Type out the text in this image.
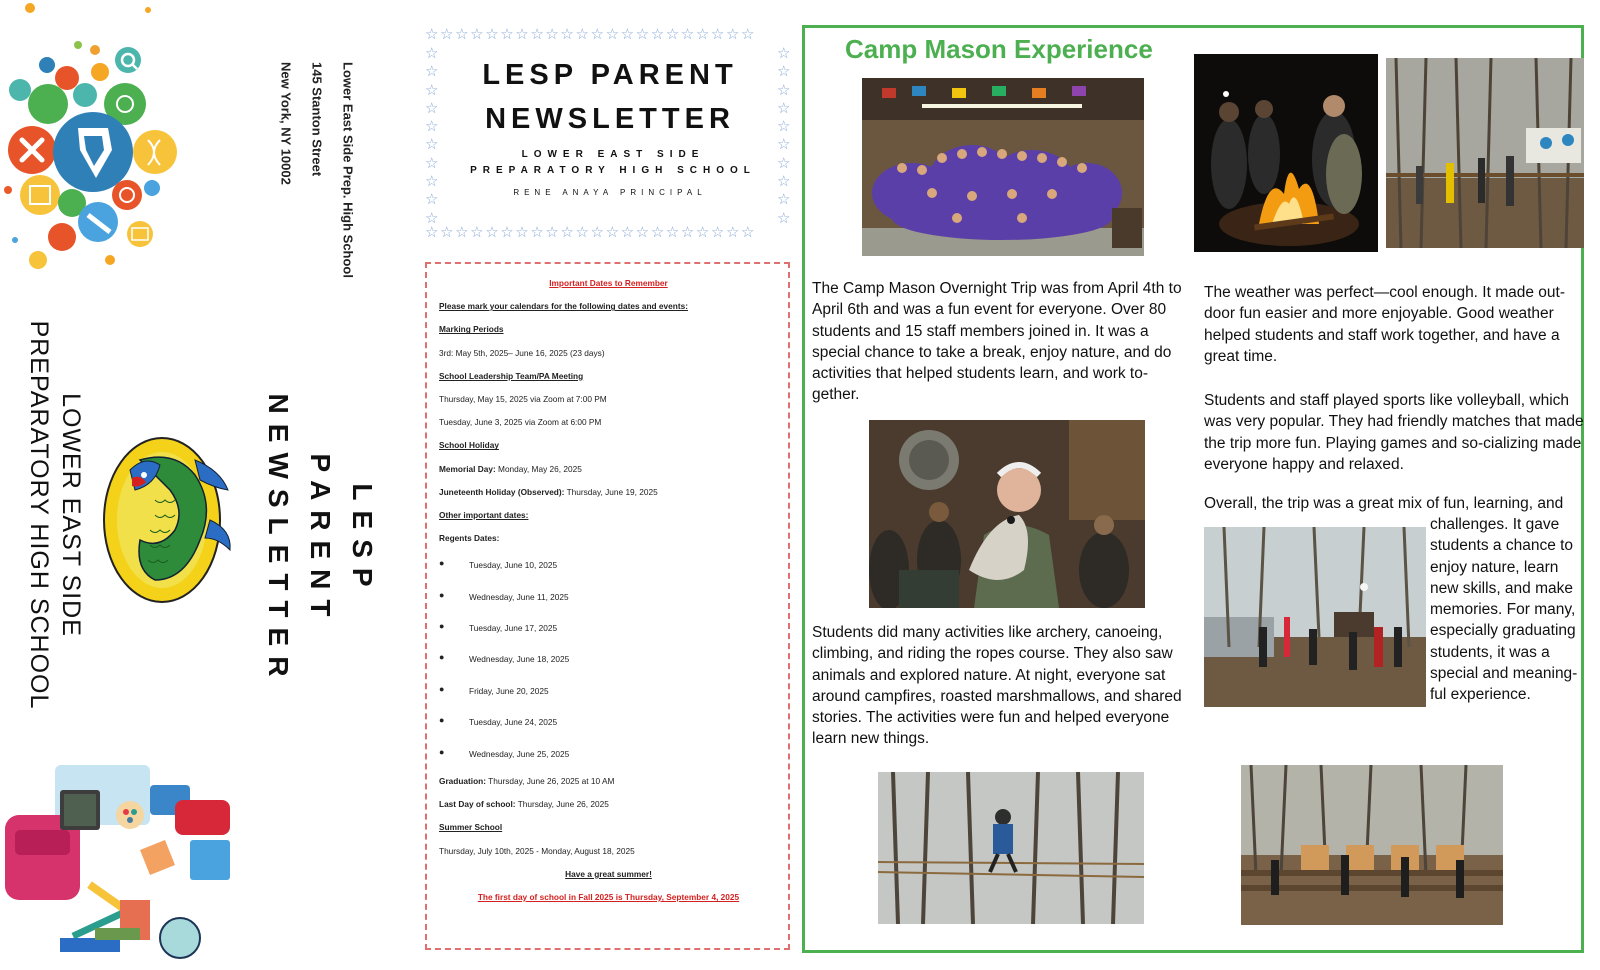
LOWER EAST SIDE PREPARATORY HIGH SCHOOL
Lower East Side Prep. High School
145 Stanton Street
New York, NY 10002
LESP PARENT NEWSLETTER
☆☆☆☆☆☆☆☆☆☆☆☆☆☆☆☆☆☆☆☆☆☆
☆
☆
☆
☆
☆
☆
☆
☆
☆
☆
☆
☆
☆
☆
☆
☆
☆
☆
☆
☆
☆☆☆☆☆☆☆☆☆☆☆☆☆☆☆☆☆☆☆☆☆☆
LESP PARENT NEWSLETTER
LOWER EAST SIDE PREPARATORY HIGH SCHOOL
RENE ANAYA PRINCIPAL
Important Dates to Remember
Please mark your calendars for the following dates and events:
Marking Periods
3rd: May 5th, 2025– June 16, 2025 (23 days)
School Leadership Team/PA Meeting
Thursday, May 15, 2025 via Zoom at 7:00 PM
Tuesday, June 3, 2025 via Zoom at 6:00 PM
School Holiday
Memorial Day: Monday, May 26, 2025
Juneteenth Holiday (Observed): Thursday, June 19, 2025
Other important dates:
Regents Dates:
● Tuesday, June 10, 2025
● Wednesday, June 11, 2025
● Tuesday, June 17, 2025
● Wednesday, June 18, 2025
● Friday, June 20, 2025
● Tuesday, June 24, 2025
● Wednesday, June 25, 2025
Graduation: Thursday, June 26, 2025 at 10 AM
Last Day of school: Thursday, June 26, 2025
Summer School
Thursday, July 10th, 2025 - Monday, August 18, 2025
Have a great summer!
The first day of school in Fall 2025 is Thursday, September 4, 2025
Camp Mason Experience
The Camp Mason Overnight Trip was from April 4th to April 6th and was a fun event for everyone. Over 80 students and 15 staff members joined in. It was a special chance to take a break, enjoy nature, and do activities that helped students learn, and work to-gether.
Students did many activities like archery, canoeing, climbing, and riding the ropes course. They also saw animals and explored nature. At night, everyone sat around campfires, roasted marshmallows, and shared stories. The activities were fun and helped everyone learn new things.
The weather was perfect—cool enough. It made out-door fun easier and more enjoyable. Good weather helped students and staff work together, and have a great time.
Students and staff played sports like volleyball, which was very popular. They had friendly matches that made the trip more fun. Playing games and so-cializing made everyone happy and relaxed.
Overall, the trip was a great mix of fun, learning, and
challenges. It gave students a chance to enjoy nature, learn new skills, and make memories. For many, especially graduating students, it was a special and meaning-ful experience.
